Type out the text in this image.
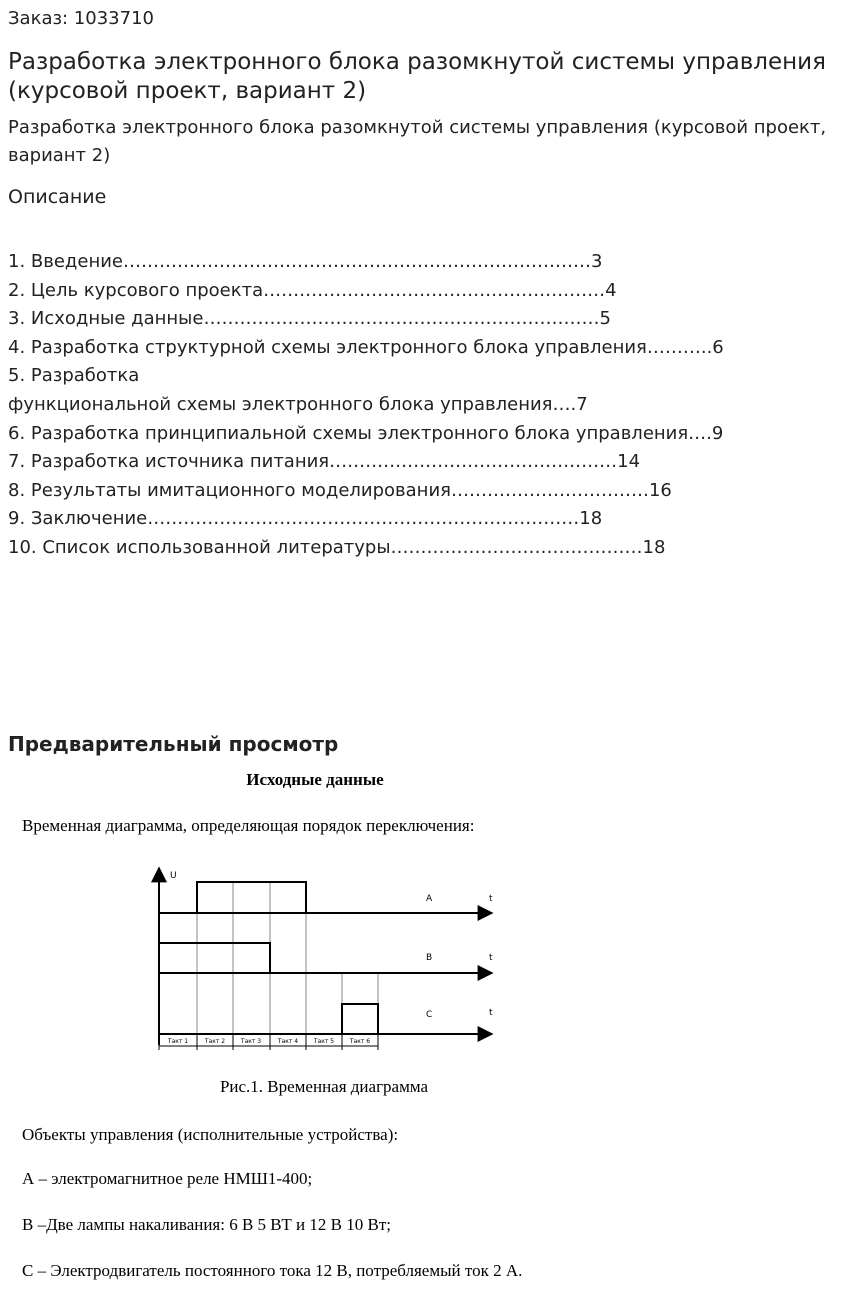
Заказ: 1033710
Разработка электронного блока разомкнутой системы управления (курсовой проект, вариант 2)
Разработка электронного блока разомкнутой системы управления (курсовой проект, вариант 2)
Описание
1. Введение……………………………………………………………………3
2. Цель курсового проекта…………………………………………………4
3. Исходные данные…………………………………………………………5
4. Разработка структурной схемы электронного блока управления………..6
5. Разработка
функциональной схемы электронного блока управления….7
6. Разработка принципиальной схемы электронного блока управления….9
7. Разработка источника питания…………………………………………14
8. Результаты имитационного моделирования……………………………16
9. Заключение………………………………………………………………18
10. Список использованной литературы……………………………………18
Предварительный просмотр
Исходные данные
Временная диаграмма, определяющая порядок переключения:
U
A	t
B	t
C	t
Такт 1	Такт 2	Такт 3	Такт 4	Такт 5	Такт 6
Рис.1. Временная диаграмма
Объекты управления (исполнительные устройства):
А – электромагнитное реле НМШ1-400;
В –Две лампы накаливания: 6 В 5 ВТ и 12 В 10 Вт;
С – Электродвигатель постоянного тока 12 В, потребляемый ток 2 А.
